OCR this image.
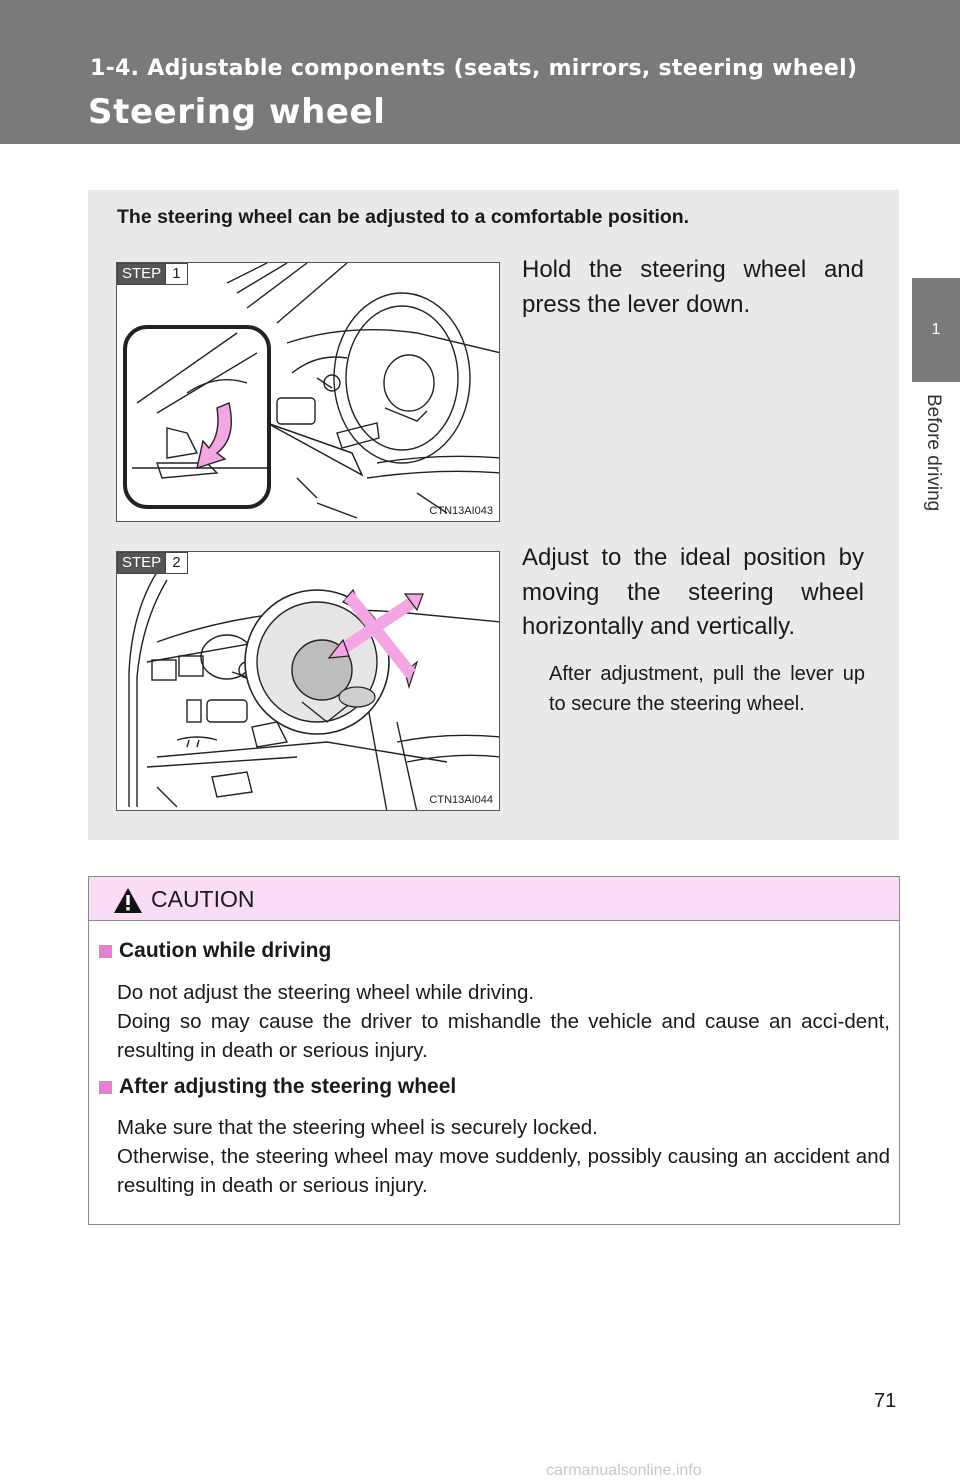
1-4. Adjustable components (seats, mirrors, steering wheel)
Steering wheel
1
Before driving

The steering wheel can be adjusted to a comfortable position.

STEP 1
CTN13AI043

Hold the steering wheel and press the lever down.

STEP 2
CTN13AI044

Adjust to the ideal position by moving the steering wheel horizontally and vertically.

After adjustment, pull the lever up to secure the steering wheel.

CAUTION

Caution while driving

Do not adjust the steering wheel while driving.

Doing so may cause the driver to mishandle the vehicle and cause an acci-dent, resulting in death or serious injury.

After adjusting the steering wheel

Make sure that the steering wheel is securely locked.

Otherwise, the steering wheel may move suddenly, possibly causing an accident and resulting in death or serious injury.

71
carmanualsonline.info
